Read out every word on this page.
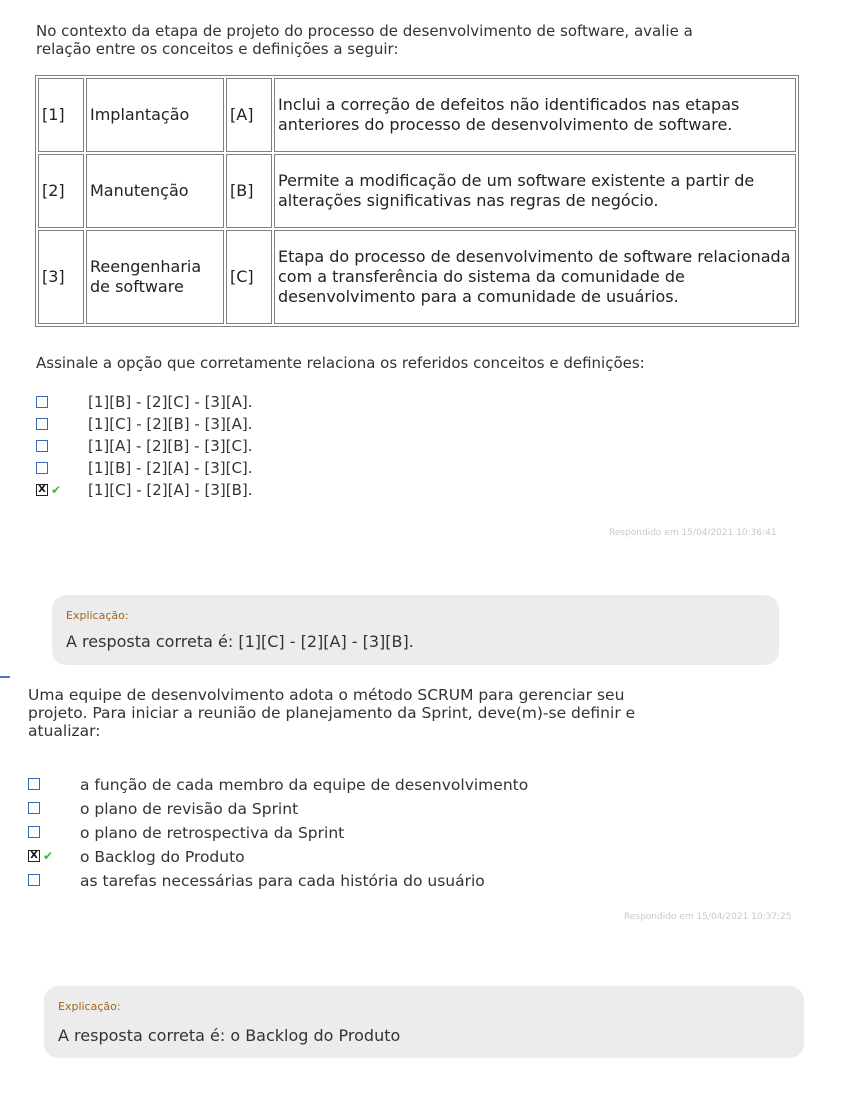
No contexto da etapa de projeto do processo de desenvolvimento de software, avalie a
relação entre os conceitos e definições a seguir:
[1]	Implantação	[A]	Inclui a correção de defeitos não identificados nas etapas anteriores do processo de desenvolvimento de software.
[2]	Manutenção	[B]	Permite a modificação de um software existente a partir de alterações significativas nas regras de negócio.
[3]	Reengenharia de software	[C]	Etapa do processo de desenvolvimento de software relacionada com a transferência do sistema da comunidade de desenvolvimento para a comunidade de usuários.
Assinale a opção que corretamente relaciona os referidos conceitos e definições:
[1][B] - [2][C] - [3][A].
[1][C] - [2][B] - [3][A].
[1][A] - [2][B] - [3][C].
[1][B] - [2][A] - [3][C].
X ✔ [1][C] - [2][A] - [3][B].
Respondido em 15/04/2021 10:36:41
Explicação:
A resposta correta é: [1][C] - [2][A] - [3][B].
Uma equipe de desenvolvimento adota o método SCRUM para gerenciar seu
projeto. Para iniciar a reunião de planejamento da Sprint, deve(m)-se definir e
atualizar:
a função de cada membro da equipe de desenvolvimento
o plano de revisão da Sprint
o plano de retrospectiva da Sprint
X ✔ o Backlog do Produto
as tarefas necessárias para cada história do usuário
Respondido em 15/04/2021 10:37:25
Explicação:
A resposta correta é: o Backlog do Produto
